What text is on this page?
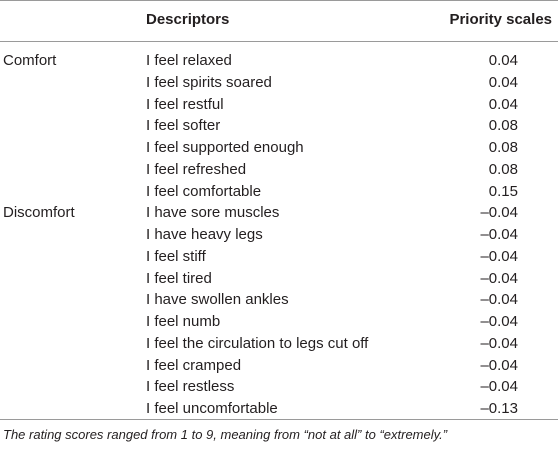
Descriptors	Priority scales
Comfort	I feel relaxed	0.04
I feel spirits soared	0.04
I feel restful	0.04
I feel softer	0.08
I feel supported enough	0.08
I feel refreshed	0.08
I feel comfortable	0.15
Discomfort	I have sore muscles	–0.04
I have heavy legs	–0.04
I feel stiff	–0.04
I feel tired	–0.04
I have swollen ankles	–0.04
I feel numb	–0.04
I feel the circulation to legs cut off	–0.04
I feel cramped	–0.04
I feel restless	–0.04
I feel uncomfortable	–0.13
The rating scores ranged from 1 to 9, meaning from “not at all” to “extremely.”
